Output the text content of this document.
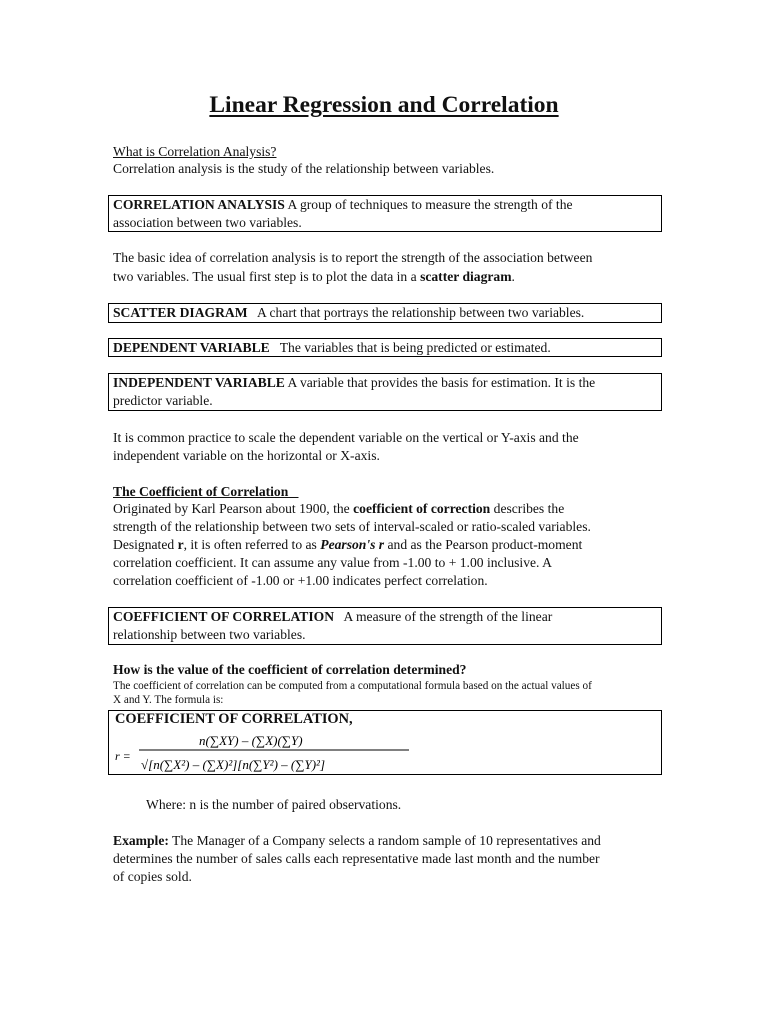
Linear Regression and Correlation
What is Correlation Analysis?
Correlation analysis is the study of the relationship between variables.
CORRELATION ANALYSIS A group of techniques to measure the strength of the
association between two variables.
The basic idea of correlation analysis is to report the strength of the association between
two variables. The usual first step is to plot the data in a scatter diagram.
SCATTER DIAGRAM   A chart that portrays the relationship between two variables.
DEPENDENT VARIABLE   The variables that is being predicted or estimated.
INDEPENDENT VARIABLE A variable that provides the basis for estimation. It is the
predictor variable.
It is common practice to scale the dependent variable on the vertical or Y-axis and the
independent variable on the horizontal or X-axis.
The Coefficient of Correlation
Originated by Karl Pearson about 1900, the coefficient of correction describes the
strength of the relationship between two sets of interval-scaled or ratio-scaled variables.
Designated r, it is often referred to as Pearson's r and as the Pearson product-moment
correlation coefficient. It can assume any value from -1.00 to + 1.00 inclusive. A
correlation coefficient of -1.00 or +1.00 indicates perfect correlation.
COEFFICIENT OF CORRELATION   A measure of the strength of the linear
relationship between two variables.
How is the value of the coefficient of correlation determined?
The coefficient of correlation can be computed from a computational formula based on the actual values of
X and Y. The formula is:
COEFFICIENT OF CORRELATION,
r =
n(∑XY) – (∑X)(∑Y)
√[n(∑X²) – (∑X)²][n(∑Y²) – (∑Y)²]
Where: n is the number of paired observations.
Example: The Manager of a Company selects a random sample of 10 representatives and
determines the number of sales calls each representative made last month and the number
of copies sold.
